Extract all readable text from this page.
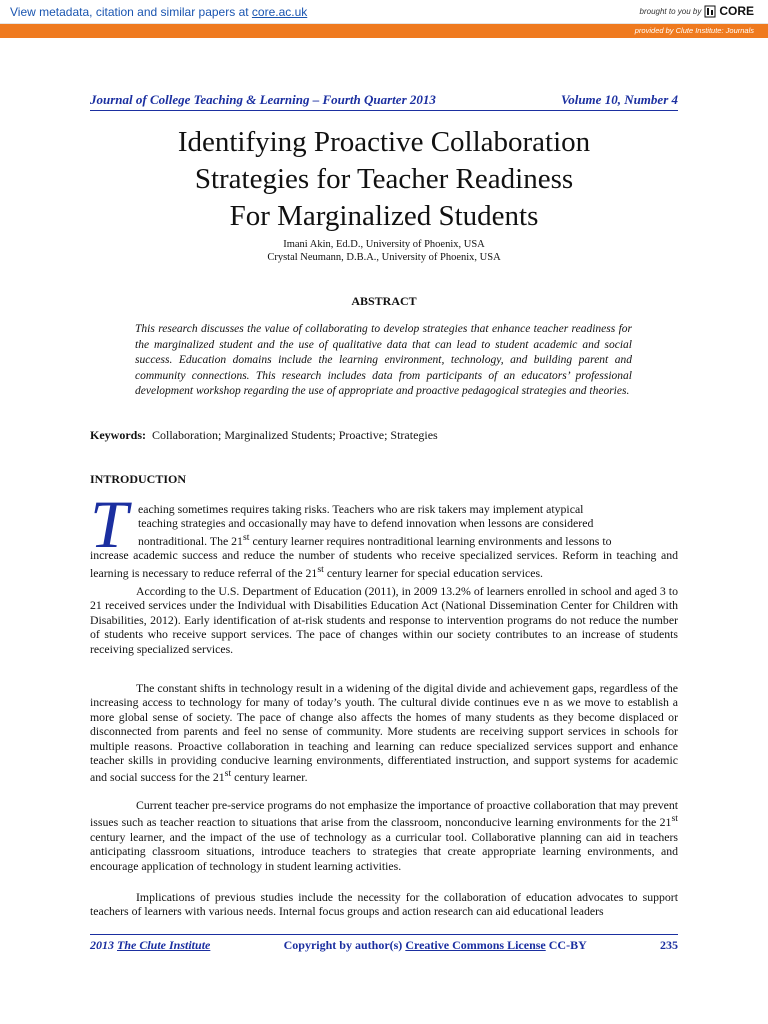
View metadata, citation and similar papers at core.ac.uk	brought to you by CORE
provided by Clute Institute: Journals
Journal of College Teaching & Learning – Fourth Quarter 2013	Volume 10, Number 4
Identifying Proactive Collaboration
Strategies for Teacher Readiness
For Marginalized Students
Imani Akin, Ed.D., University of Phoenix, USA
Crystal Neumann, D.B.A., University of Phoenix, USA
ABSTRACT
This research discusses the value of collaborating to develop strategies that enhance teacher readiness for the marginalized student and the use of qualitative data that can lead to student academic and social success. Education domains include the learning environment, technology, and building parent and community connections. This research includes data from participants of an educators’ professional development workshop regarding the use of appropriate and proactive pedagogical strategies and theories.
Keywords: Collaboration; Marginalized Students; Proactive; Strategies
INTRODUCTION
T eaching sometimes requires taking risks. Teachers who are risk takers may implement atypical
teaching strategies and occasionally may have to defend innovation when lessons are considered
nontraditional. The 21st century learner requires nontraditional learning environments and lessons to
increase academic success and reduce the number of students who receive specialized services. Reform in teaching and learning is necessary to reduce referral of the 21st century learner for special education services.
According to the U.S. Department of Education (2011), in 2009 13.2% of learners enrolled in school and aged 3 to 21 received services under the Individual with Disabilities Education Act (National Dissemination Center for Children with Disabilities, 2012). Early identification of at-risk students and response to intervention programs do not reduce the number of students who receive support services. The pace of changes within our society contributes to an increase of students receiving specialized services.
The constant shifts in technology result in a widening of the digital divide and achievement gaps, regardless of the increasing access to technology for many of today’s youth. The cultural divide continues eve n as we move to establish a more global sense of society. The pace of change also affects the homes of many students as they become displaced or disconnected from parents and feel no sense of community. More students are receiving support services in schools for multiple reasons. Proactive collaboration in teaching and learning can reduce specialized services support and enhance teacher skills in providing conducive learning environments, differentiated instruction, and support systems for academic and social success for the 21st century learner.
Current teacher pre-service programs do not emphasize the importance of proactive collaboration that may prevent issues such as teacher reaction to situations that arise from the classroom, nonconducive learning environments for the 21st century learner, and the impact of the use of technology as a curricular tool. Collaborative planning can aid in teachers anticipating classroom situations, introduce teachers to strategies that create appropriate learning environments, and encourage application of technology in student learning activities.
Implications of previous studies include the necessity for the collaboration of education advocates to support teachers of learners with various needs. Internal focus groups and action research can aid educational leaders
2013 The Clute Institute	Copyright by author(s) Creative Commons License CC-BY	235
